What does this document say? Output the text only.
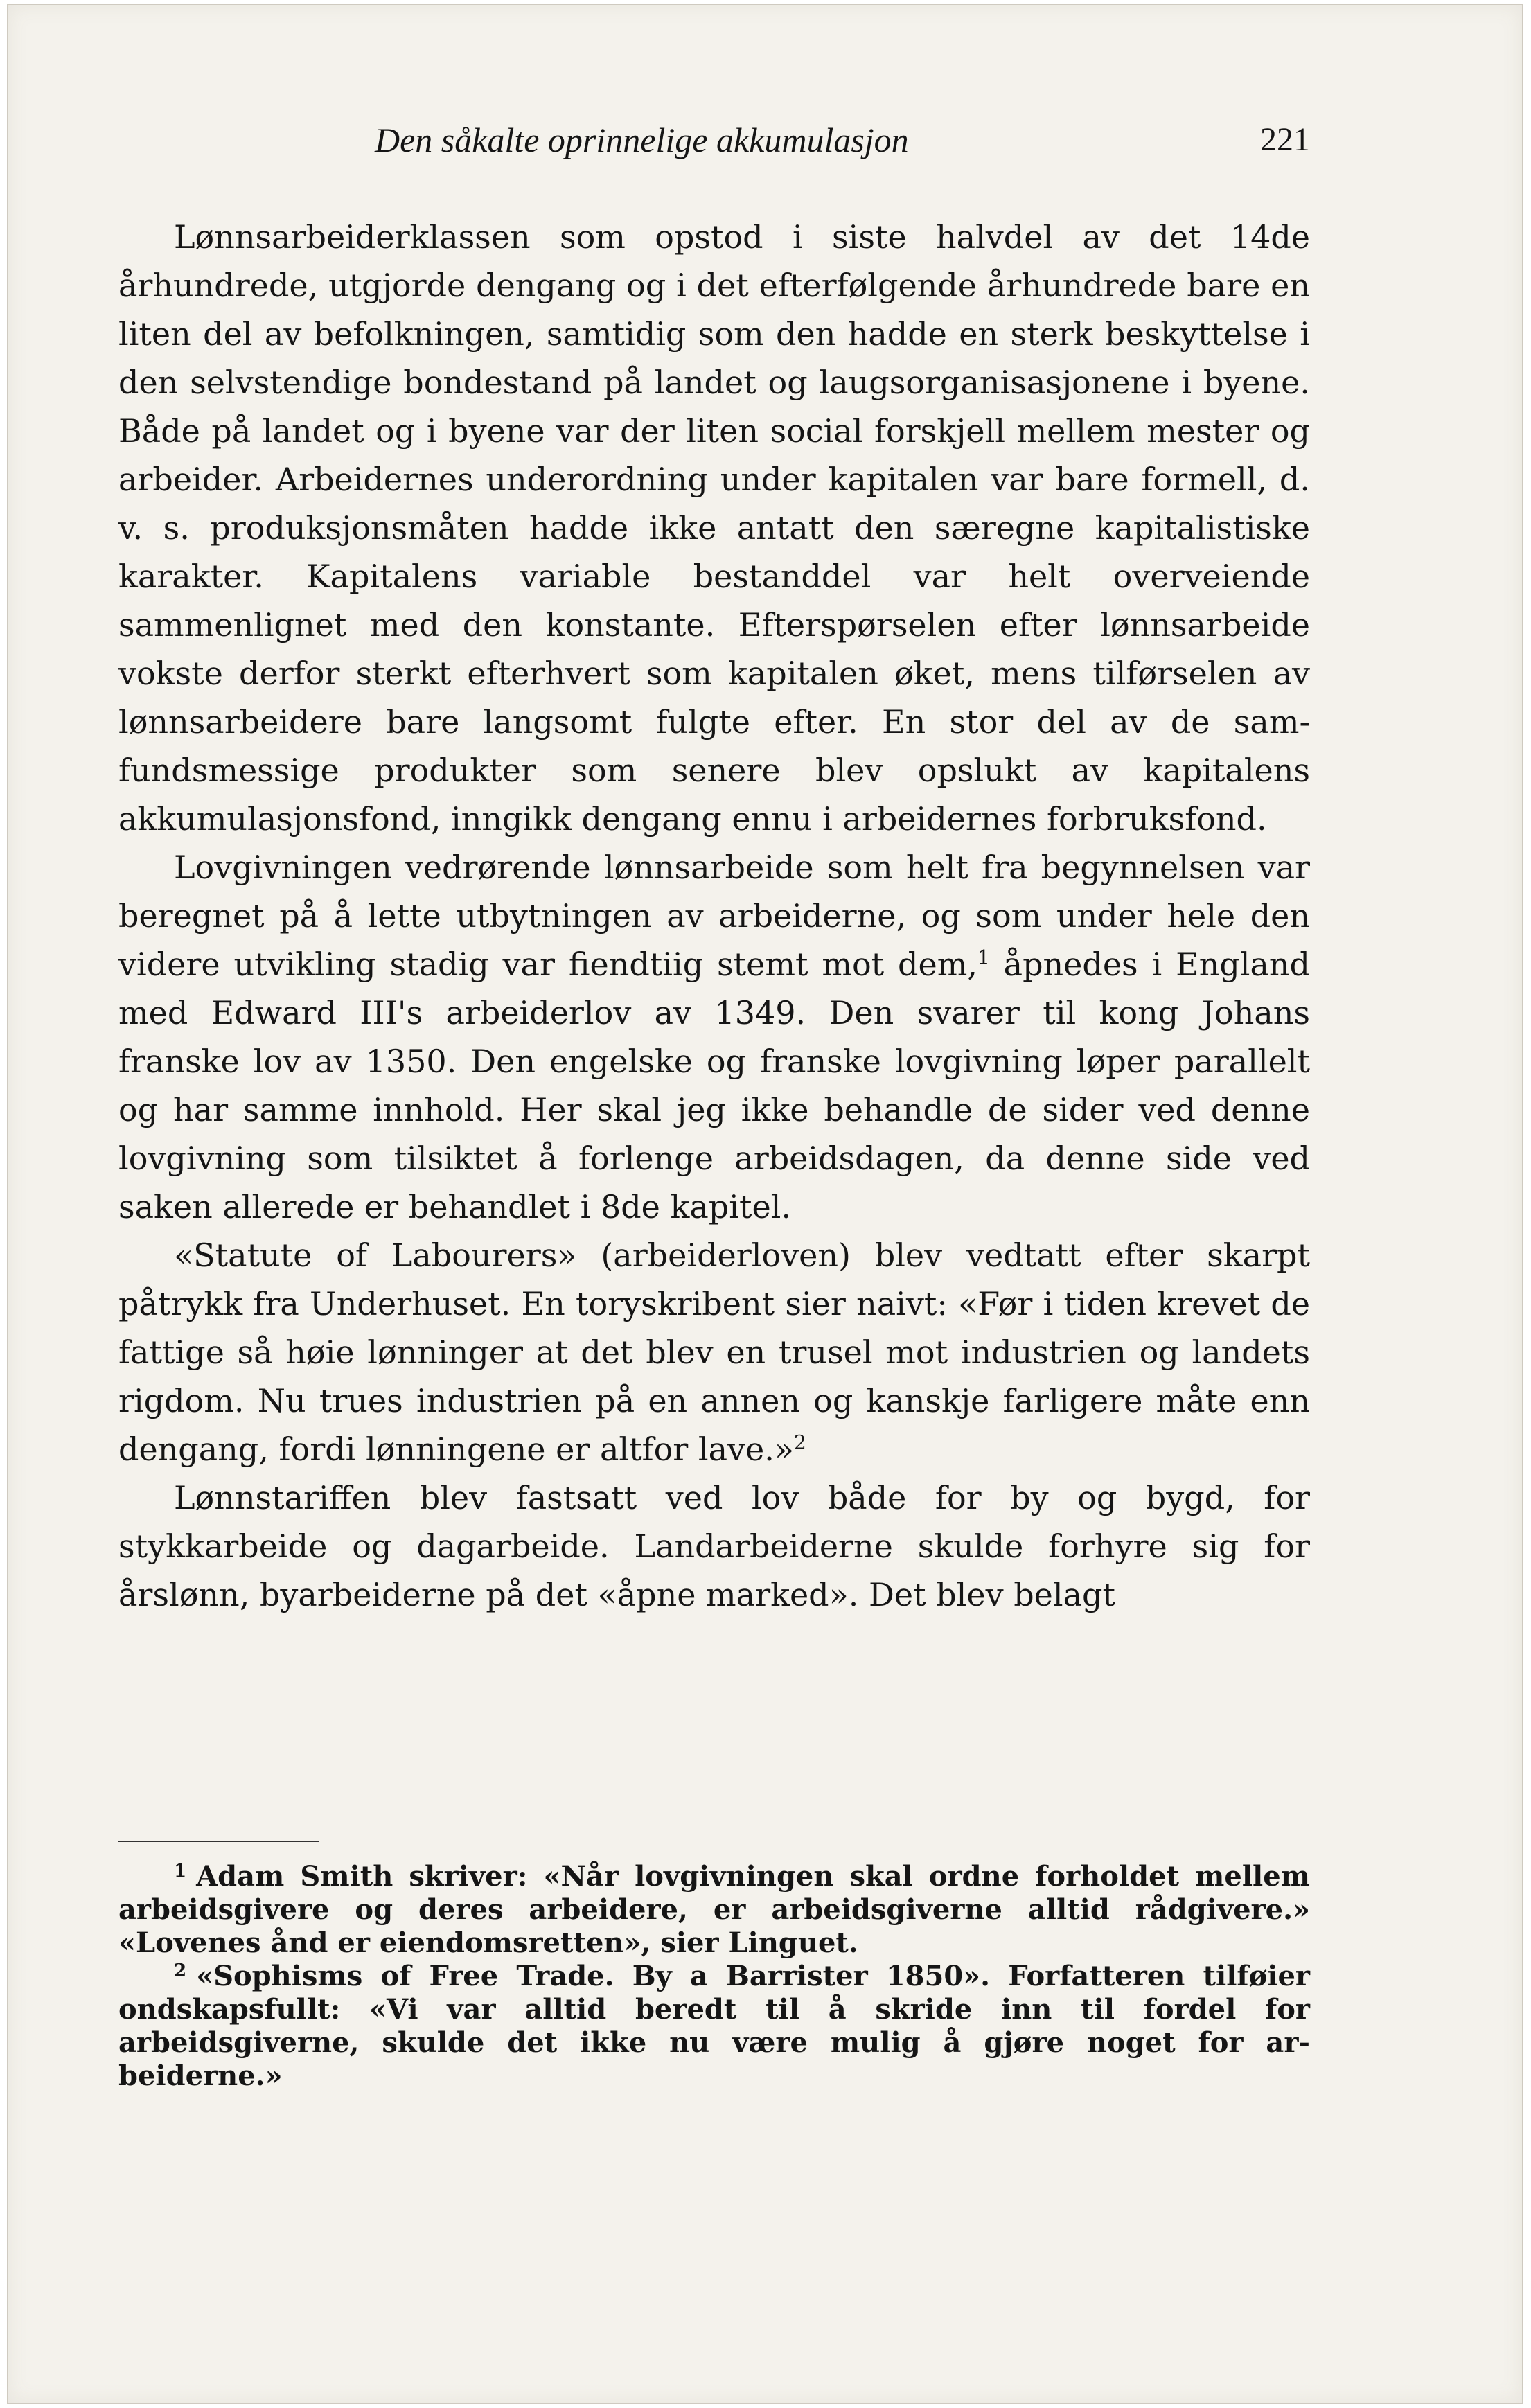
Den såkalte oprinnelige akkumulasjon	221

Lønnsarbeiderklassen som opstod i siste halvdel av det 14de århundrede, utgjorde dengang og i det efterfølgende århundrede bare en liten del av befolkningen, samtidig som den hadde en sterk beskyttelse i den selvstendige bondestand på landet og laugsorganisasjonene i byene. Både på landet og i byene var der liten social forskjell mellem mester og arbeider. Arbeidernes underordning under kapitalen var bare formell, d. v. s. produksjonsmåten hadde ikke antatt den særegne kapitalistiske karakter. Kapitalens variable bestanddel var helt overveiende sammenlignet med den konstante. Efterspørselen efter lønnsarbeide vokste derfor sterkt efterhvert som kapitalen øket, mens tilførselen av lønnsarbeidere bare langsomt fulgte efter. En stor del av de samfundsmessige produkter som senere blev opslukt av kapitalens akkumulasjonsfond, inngikk dengang ennu i arbeidernes forbruksfond.

Lovgivningen vedrørende lønnsarbeide som helt fra begynnelsen var beregnet på å lette utbytningen av arbeiderne, og som under hele den videre utvikling stadig var fiendtiig stemt mot dem,$^1$ åpnedes i England med Edward III's arbeiderlov av 1349. Den svarer til kong Johans franske lov av 1350. Den engelske og franske lovgivning løper parallelt og har samme innhold. Her skal jeg ikke behandle de sider ved denne lovgivning som tilsiktet å forlenge arbeidsdagen, da denne side ved saken allerede er behandlet i 8de kapitel.

«Statute of Labourers» (arbeiderloven) blev vedtatt efter skarpt påtrykk fra Underhuset. En toryskribent sier naivt: «Før i tiden krevet de fattige så høie lønninger at det blev en trusel mot industrien og landets rigdom. Nu trues industrien på en annen og kanskje farligere måte enn dengang, fordi lønningene er altfor lave.»$^2$

Lønnstariffen blev fastsatt ved lov både for by og bygd, for stykkarbeide og dagarbeide. Landarbeiderne skulde forhyre sig for årslønn, byarbeiderne på det «åpne marked». Det blev belagt

$^1$ Adam Smith skriver: «Når lovgivningen skal ordne forholdet mellem arbeidsgivere og deres arbeidere, er arbeidsgiverne alltid rådgivere.» «Lovenes ånd er eiendomsretten», sier Linguet.

$^2$ «Sophisms of Free Trade. By a Barrister 1850». Forfatteren tilføier ondskapsfullt: «Vi var alltid beredt til å skride inn til fordel for arbeidsgiverne, skulde det ikke nu være mulig å gjøre noget for arbeiderne.»
